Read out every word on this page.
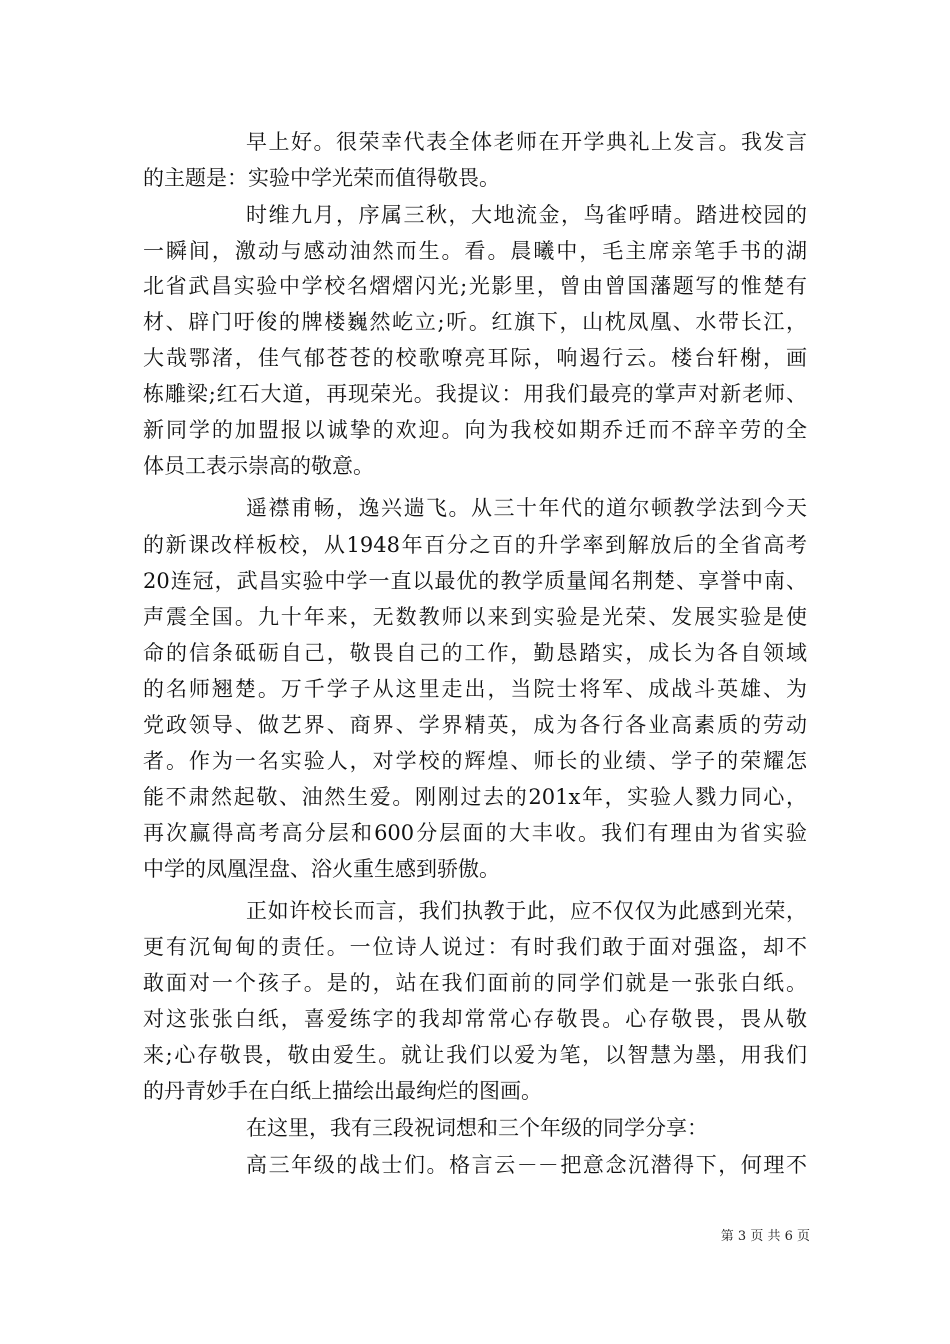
早上好。很荣幸代表全体老师在开学典礼上发言。我发言
的主题是：实验中学光荣而值得敬畏。
时维九月，序属三秋，大地流金，鸟雀呼晴。踏进校园的
一瞬间，激动与感动油然而生。看。晨曦中，毛主席亲笔手书的湖
北省武昌实验中学校名熠熠闪光;光影里，曾由曾国藩题写的惟楚有
材、辟门吁俊的牌楼巍然屹立;听。红旗下，山枕凤凰、水带长江，
大哉鄂渚，佳气郁苍苍的校歌嘹亮耳际，响遏行云。楼台轩榭，画
栋雕梁;红石大道，再现荣光。我提议：用我们最亮的掌声对新老师、
新同学的加盟报以诚挚的欢迎。向为我校如期乔迁而不辞辛劳的全
体员工表示崇高的敬意。
遥襟甫畅，逸兴遄飞。从三十年代的道尔顿教学法到今天
的新课改样板校，从1948年百分之百的升学率到解放后的全省高考
20连冠，武昌实验中学一直以最优的教学质量闻名荆楚、享誉中南、
声震全国。九十年来，无数教师以来到实验是光荣、发展实验是使
命的信条砥砺自己，敬畏自己的工作，勤恳踏实，成长为各自领域
的名师翘楚。万千学子从这里走出，当院士将军、成战斗英雄、为
党政领导、做艺界、商界、学界精英，成为各行各业高素质的劳动
者。作为一名实验人，对学校的辉煌、师长的业绩、学子的荣耀怎
能不肃然起敬、油然生爱。刚刚过去的201x年，实验人戮力同心，
再次赢得高考高分层和600分层面的大丰收。我们有理由为省实验
中学的凤凰涅盘、浴火重生感到骄傲。
正如许校长而言，我们执教于此，应不仅仅为此感到光荣，
更有沉甸甸的责任。一位诗人说过：有时我们敢于面对强盗，却不
敢面对一个孩子。是的，站在我们面前的同学们就是一张张白纸。
对这张张白纸，喜爱练字的我却常常心存敬畏。心存敬畏，畏从敬
来;心存敬畏，敬由爱生。就让我们以爱为笔，以智慧为墨，用我们
的丹青妙手在白纸上描绘出最绚烂的图画。
在这里，我有三段祝词想和三个年级的同学分享：
高三年级的战士们。格言云－－把意念沉潜得下，何理不
第 3 页 共 6 页
